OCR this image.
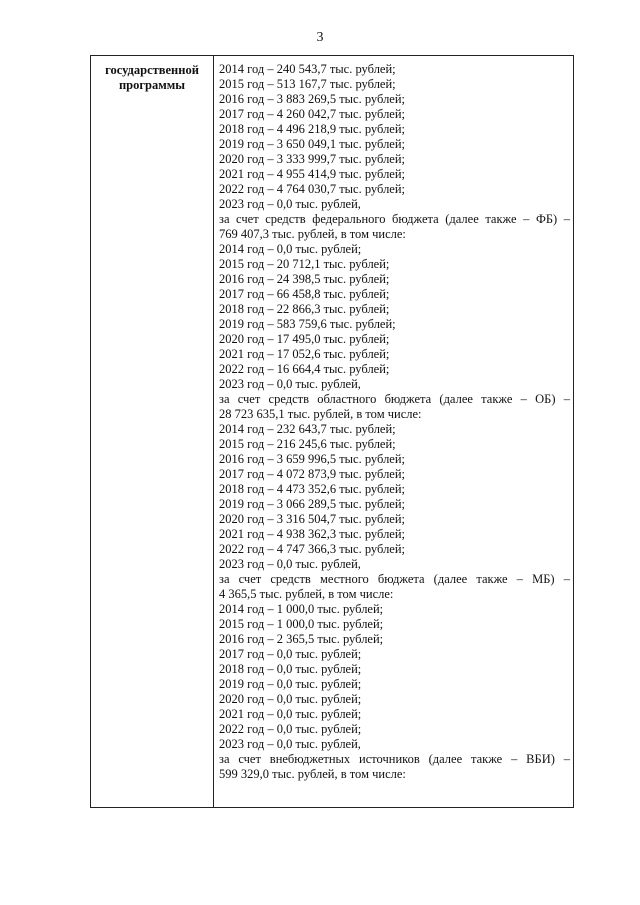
3
государственной
программы
2014 год – 240 543,7 тыс. рублей;
2015 год – 513 167,7 тыс. рублей;
2016 год – 3 883 269,5 тыс. рублей;
2017 год – 4 260 042,7 тыс. рублей;
2018 год – 4 496 218,9 тыс. рублей;
2019 год – 3 650 049,1 тыс. рублей;
2020 год – 3 333 999,7 тыс. рублей;
2021 год – 4 955 414,9 тыс. рублей;
2022 год – 4 764 030,7 тыс. рублей;
2023 год – 0,0 тыс. рублей,
за счет средств федерального бюджета (далее также – ФБ) –
769 407,3 тыс. рублей, в том числе:
2014 год – 0,0 тыс. рублей;
2015 год – 20 712,1 тыс. рублей;
2016 год – 24 398,5 тыс. рублей;
2017 год – 66 458,8 тыс. рублей;
2018 год – 22 866,3 тыс. рублей;
2019 год – 583 759,6 тыс. рублей;
2020 год – 17 495,0 тыс. рублей;
2021 год – 17 052,6 тыс. рублей;
2022 год – 16 664,4 тыс. рублей;
2023 год – 0,0 тыс. рублей,
за счет средств областного бюджета (далее также – ОБ) –
28 723 635,1 тыс. рублей, в том числе:
2014 год – 232 643,7 тыс. рублей;
2015 год – 216 245,6 тыс. рублей;
2016 год – 3 659 996,5 тыс. рублей;
2017 год – 4 072 873,9 тыс. рублей;
2018 год – 4 473 352,6 тыс. рублей;
2019 год – 3 066 289,5 тыс. рублей;
2020 год – 3 316 504,7 тыс. рублей;
2021 год – 4 938 362,3 тыс. рублей;
2022 год – 4 747 366,3 тыс. рублей;
2023 год – 0,0 тыс. рублей,
за счет средств местного бюджета (далее также – МБ) –
4 365,5 тыс. рублей, в том числе:
2014 год – 1 000,0 тыс. рублей;
2015 год – 1 000,0 тыс. рублей;
2016 год – 2 365,5 тыс. рублей;
2017 год – 0,0 тыс. рублей;
2018 год – 0,0 тыс. рублей;
2019 год – 0,0 тыс. рублей;
2020 год – 0,0 тыс. рублей;
2021 год – 0,0 тыс. рублей;
2022 год – 0,0 тыс. рублей;
2023 год – 0,0 тыс. рублей,
за счет внебюджетных источников (далее также – ВБИ) –
599 329,0 тыс. рублей, в том числе:
